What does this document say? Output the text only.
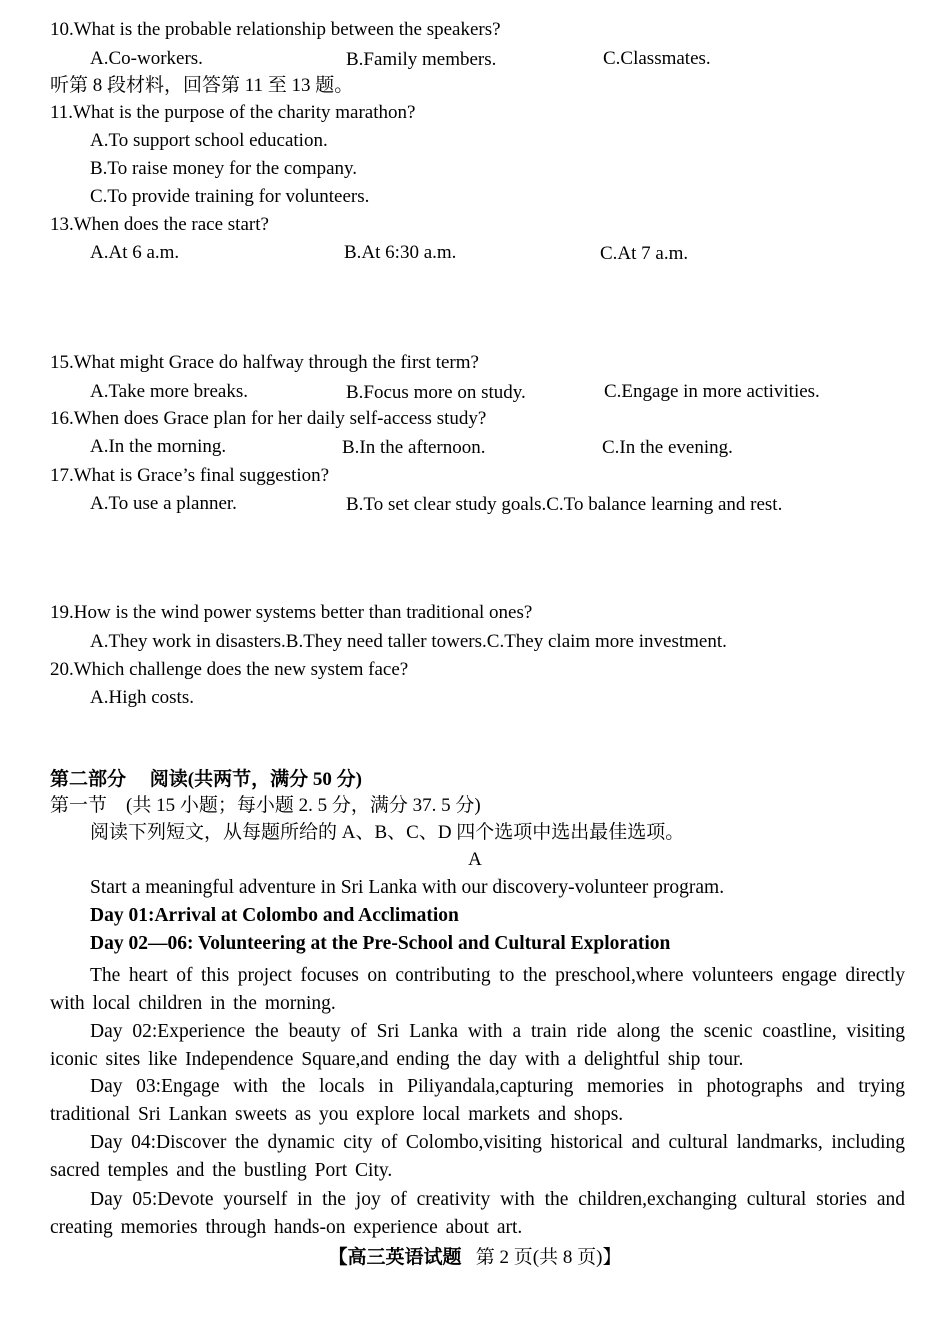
10.What is the probable relationship between the speakers?
A.Co-workers.	B.Family members.	C.Classmates.
听第 8 段材料，回答第 11 至 13 题。
11.What is the purpose of the charity marathon?
A.To support school education.
B.To raise money for the company.
C.To provide training for volunteers.
13.When does the race start?
A.At 6 a.m.	B.At 6:30 a.m.	C.At 7 a.m.
15.What might Grace do halfway through the first term?
A.Take more breaks.	B.Focus more on study.	C.Engage in more activities.
16.When does Grace plan for her daily self-access study?
A.In the morning.	B.In the afternoon.	C.In the evening.
17.What is Grace’s final suggestion?
A.To use a planner.	B.To set clear study goals.C.To balance learning and rest.
19.How is the wind power systems better than traditional ones?
A.They work in disasters.B.They need taller towers.C.They claim more investment.
20.Which challenge does the new system face?
A.High costs.
第二部分　 阅读(共两节，满分 50 分)
第一节　(共 15 小题；每小题 2. 5 分，满分 37. 5 分)
阅读下列短文，从每题所给的 A、B、C、D 四个选项中选出最佳选项。
A
Start a meaningful adventure in Sri Lanka with our discovery-volunteer program.
Day 01:Arrival at Colombo and Acclimation
Day 02—06: Volunteering at the Pre-School and Cultural Exploration
The heart of this project focuses on contributing to the preschool,where volunteers engage directly with local children in the morning.
Day 02:Experience the beauty of Sri Lanka with a train ride along the scenic coastline, visiting iconic sites like Independence Square,and ending the day with a delightful ship tour.
Day 03:Engage with the locals in Piliyandala,capturing memories in photographs and trying traditional Sri Lankan sweets as you explore local markets and shops.
Day 04:Discover the dynamic city of Colombo,visiting historical and cultural landmarks, including sacred temples and the bustling Port City.
Day 05:Devote yourself in the joy of creativity with the children,exchanging cultural stories and creating memories through hands-on experience about art.
【高三英语试题 第 2 页(共 8 页)】
